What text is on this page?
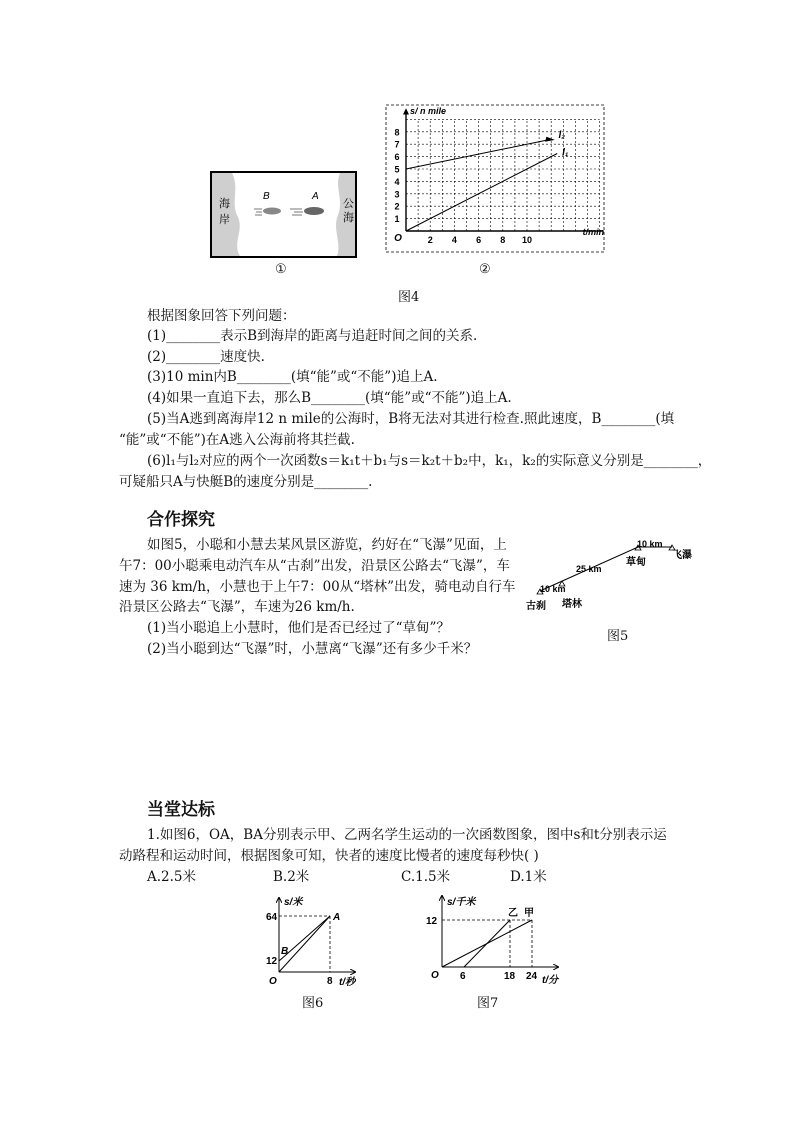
海
岸
公
海
B	A
1
2
3
4
5
6
7
8
2 4 6 8 10
O
s/ n mile
t/min
l₁
l₂
①	②
图4
根据图象回答下列问题：
(1)________表示B到海岸的距离与追赶时间之间的关系.
(2)________速度快.
(3)10 min内B________(填“能”或“不能”)追上A.
(4)如果一直追下去，那么B________(填“能”或“不能”)追上A.
(5)当A逃到离海岸12 n mile的公海时，B将无法对其进行检查.照此速度，B________(填
“能”或“不能”)在A逃入公海前将其拦截.
(6)l₁与l₂对应的两个一次函数s＝k₁t＋b₁与s＝k₂t＋b₂中，k₁，k₂的实际意义分别是________，
可疑船只A与快艇B的速度分别是________.
合作探究
如图5，小聪和小慧去某风景区游览，约好在“飞瀑”见面，上
午7：00小聪乘电动汽车从“古刹”出发，沿景区公路去“飞瀑”，车
速为 36 km/h，小慧也于上午7：00从“塔林”出发，骑电动自行车
沿景区公路去“飞瀑”，车速为26 km/h.
(1)当小聪追上小慧时，他们是否已经过了“草甸”？
(2)当小聪到达“飞瀑”时，小慧离“飞瀑”还有多少千米？
10 km
25 km
10 km
古刹 塔林
草甸
飞瀑
图5
当堂达标
1.如图6，OA，BA分别表示甲、乙两名学生运动的一次函数图象，图中s和t分别表示运
动路程和运动时间，根据图象可知，快者的速度比慢者的速度每秒快( )
A.2.5米	B.2米	C.1.5米	D.1米
s/米
t/秒
O
64
12
8
A
B
图6
s/千米
t/分
O
12
6	18 24
乙 甲
图7
